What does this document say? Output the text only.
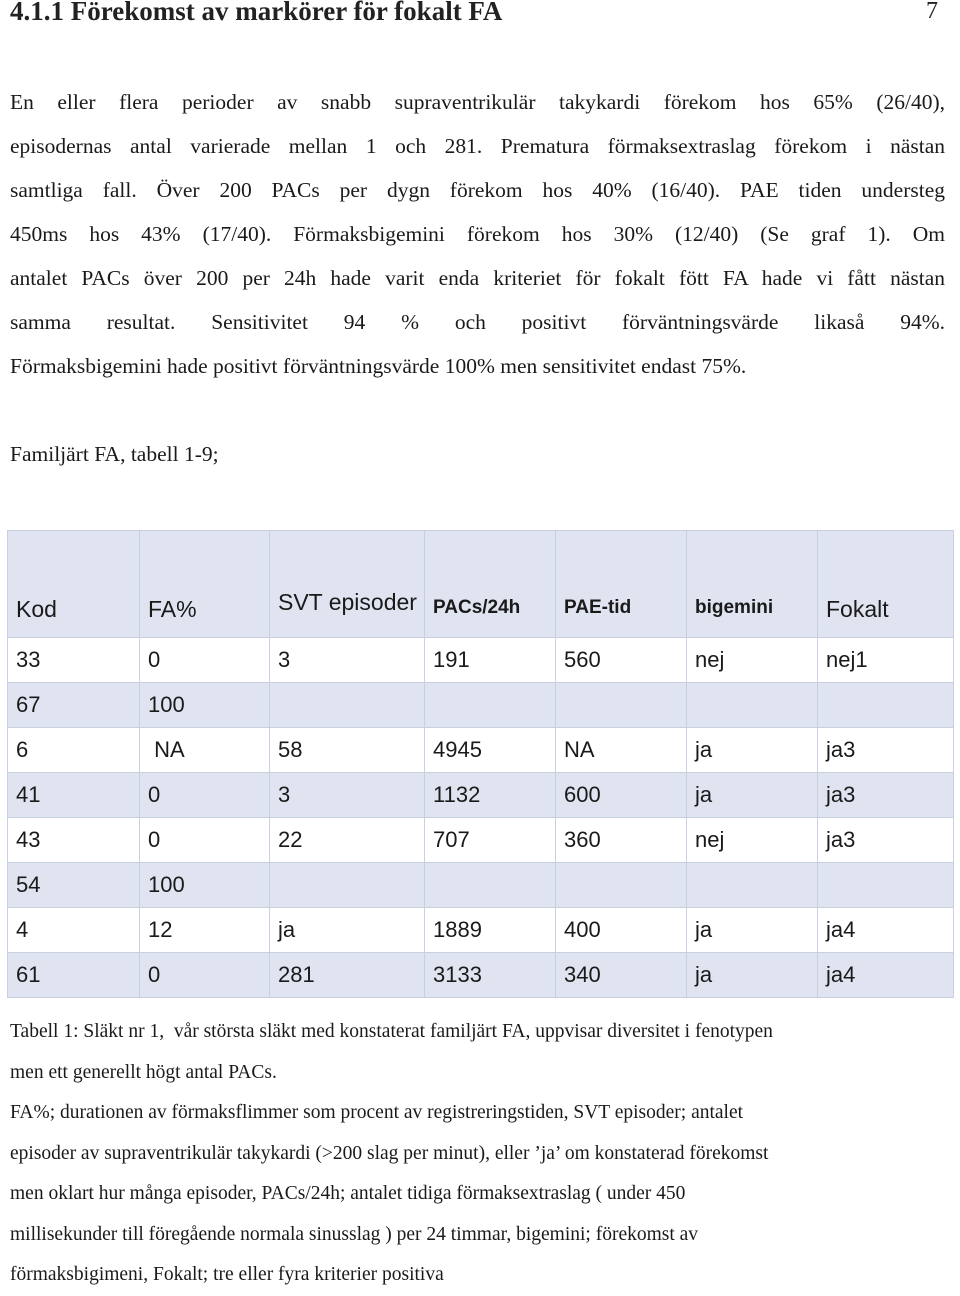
4.1.1 Förekomst av markörer för fokalt FA	7
En eller flera perioder av snabb supraventrikulär takykardi förekom hos 65% (26/40),
episodernas antal varierade mellan 1 och 281. Prematura förmaksextraslag förekom i nästan
samtliga fall. Över 200 PACs per dygn förekom hos 40% (16/40). PAE tiden understeg
450ms hos 43% (17/40). Förmaksbigemini förekom hos 30% (12/40) (Se graf 1). Om
antalet PACs över 200 per 24h hade varit enda kriteriet för fokalt fött FA hade vi fått nästan
samma resultat. Sensitivitet 94 % och positivt förväntningsvärde likaså 94%.
Förmaksbigemini hade positivt förväntningsvärde 100% men sensitivitet endast 75%.
Familjärt FA, tabell 1-9;
Kod	FA%	SVT episoder	PACs/24h	PAE-tid	bigemini	Fokalt
33	0	3	191	560	nej	nej1
67	100					
6	NA	58	4945	NA	ja	ja3
41	0	3	1132	600	ja	ja3
43	0	22	707	360	nej	ja3
54	100					
4	12	ja	1889	400	ja	ja4
61	0	281	3133	340	ja	ja4
Tabell 1: Släkt nr 1,  vår största släkt med konstaterat familjärt FA, uppvisar diversitet i fenotypen
men ett generellt högt antal PACs.
FA%; durationen av förmaksflimmer som procent av registreringstiden, SVT episoder; antalet
episoder av supraventrikulär takykardi (>200 slag per minut), eller ’ja’ om konstaterad förekomst
men oklart hur många episoder, PACs/24h; antalet tidiga förmaksextraslag ( under 450
millisekunder till föregående normala sinusslag ) per 24 timmar, bigemini; förekomst av
förmaksbigimeni, Fokalt; tre eller fyra kriterier positiva
